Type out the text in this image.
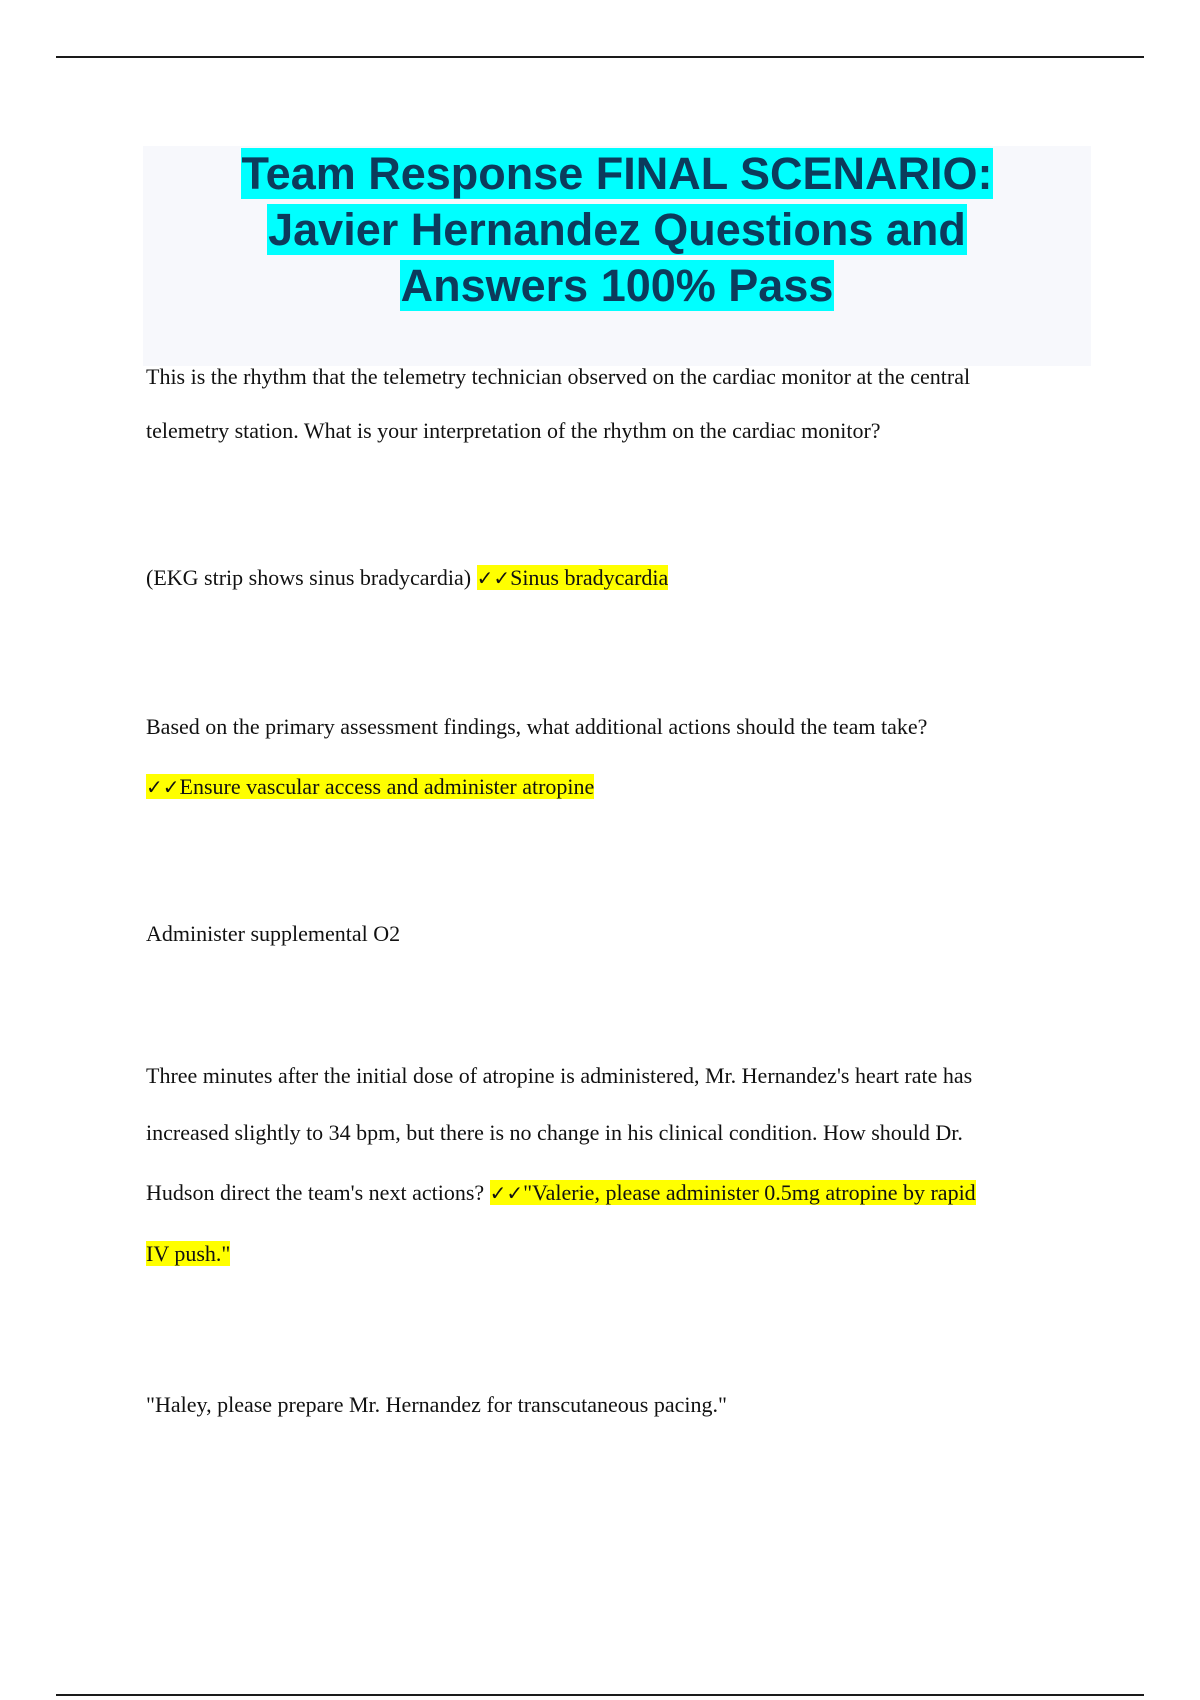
Team Response FINAL SCENARIO:
Javier Hernandez Questions and
Answers 100% Pass

This is the rhythm that the telemetry technician observed on the cardiac monitor at the central

telemetry station. What is your interpretation of the rhythm on the cardiac monitor?

(EKG strip shows sinus bradycardia) ✓✓Sinus bradycardia

Based on the primary assessment findings, what additional actions should the team take?

✓✓Ensure vascular access and administer atropine

Administer supplemental O2

Three minutes after the initial dose of atropine is administered, Mr. Hernandez's heart rate has

increased slightly to 34 bpm, but there is no change in his clinical condition. How should Dr.

Hudson direct the team's next actions? ✓✓"Valerie, please administer 0.5mg atropine by rapid

IV push."

"Haley, please prepare Mr. Hernandez for transcutaneous pacing."
